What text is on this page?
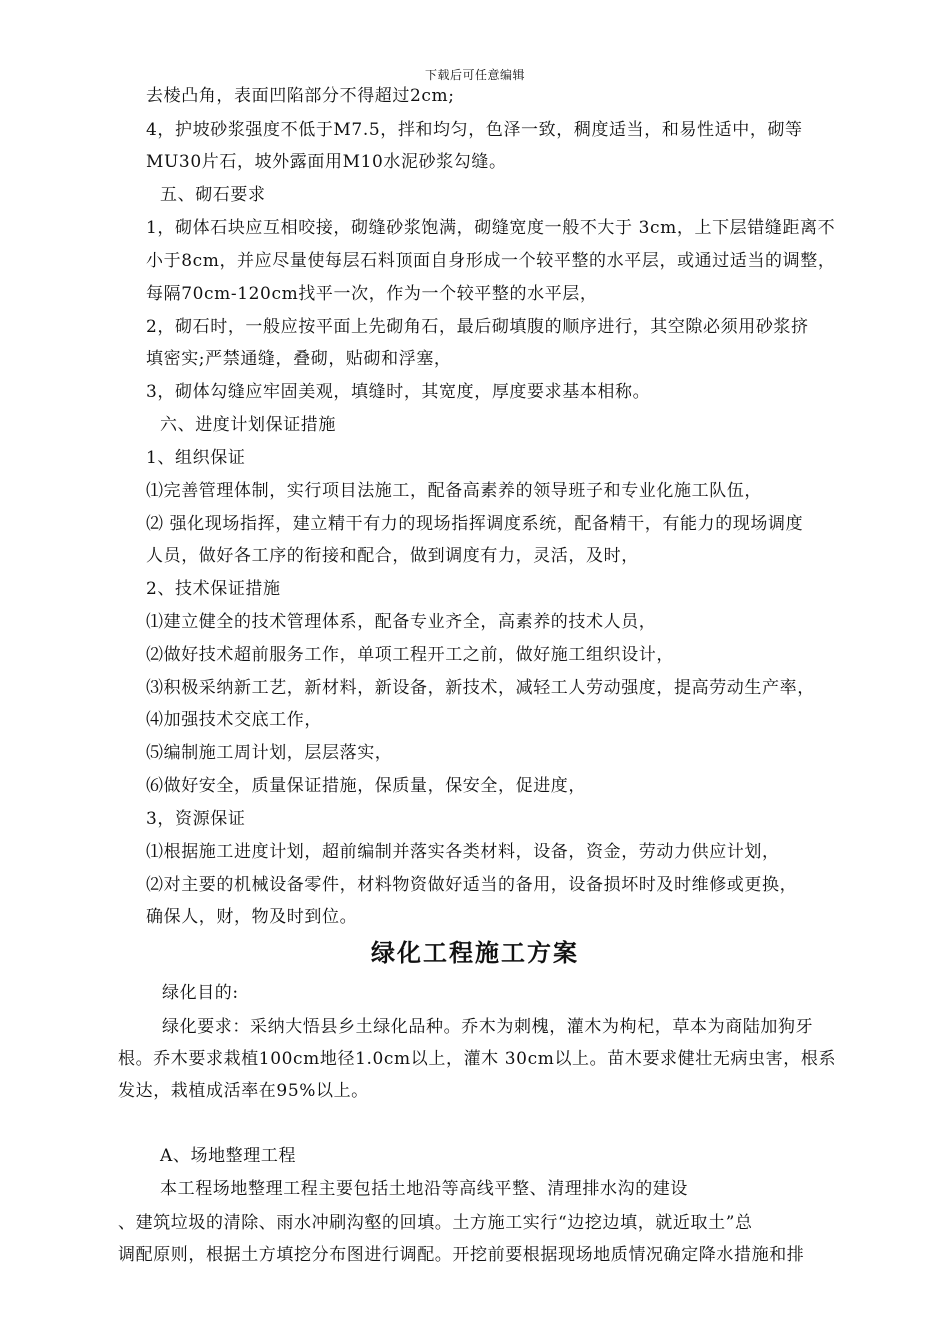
下载后可任意编辑
去棱凸角，表面凹陷部分不得超过2cm;
4，护坡砂浆强度不低于M7.5，拌和均匀，色泽一致，稠度适当，和易性适中，砌等
MU30片石，坡外露面用M10水泥砂浆勾缝。
五、砌石要求
1，砌体石块应互相咬接，砌缝砂浆饱满，砌缝宽度一般不大于 3cm，上下层错缝距离不
小于8cm，并应尽量使每层石料顶面自身形成一个较平整的水平层，或通过适当的调整，
每隔70cm-120cm找平一次，作为一个较平整的水平层，
2，砌石时，一般应按平面上先砌角石，最后砌填腹的顺序进行，其空隙必须用砂浆挤
填密实;严禁通缝，叠砌，贴砌和浮塞，
3，砌体勾缝应牢固美观，填缝时，其宽度，厚度要求基本相称。
六、进度计划保证措施
1、组织保证
⑴完善管理体制，实行项目法施工，配备高素养的领导班子和专业化施工队伍，
⑵ 强化现场指挥，建立精干有力的现场指挥调度系统，配备精干，有能力的现场调度
人员，做好各工序的衔接和配合，做到调度有力，灵活，及时，
2、技术保证措施
⑴建立健全的技术管理体系，配备专业齐全，高素养的技术人员，
⑵做好技术超前服务工作，单项工程开工之前，做好施工组织设计，
⑶积极采纳新工艺，新材料，新设备，新技术，减轻工人劳动强度，提高劳动生产率，
⑷加强技术交底工作，
⑸编制施工周计划，层层落实，
⑹做好安全，质量保证措施，保质量，保安全，促进度，
3，资源保证
⑴根据施工进度计划，超前编制并落实各类材料，设备，资金，劳动力供应计划，
⑵对主要的机械设备零件，材料物资做好适当的备用，设备损坏时及时维修或更换，
确保人，财，物及时到位。
绿化工程施工方案
绿化目的:
绿化要求：采纳大悟县乡土绿化品种。乔木为刺槐，灌木为枸杞，草本为商陆加狗牙
根。乔木要求栽植100cm地径1.0cm以上，灌木 30cm以上。苗木要求健壮无病虫害，根系
发达，栽植成活率在95%以上。
A、场地整理工程
本工程场地整理工程主要包括土地沿等高线平整、清理排水沟的建设
、建筑垃圾的清除、雨水冲刷沟壑的回填。土方施工实行“边挖边填，就近取土”总
调配原则，根据土方填挖分布图进行调配。开挖前要根据现场地质情况确定降水措施和排
